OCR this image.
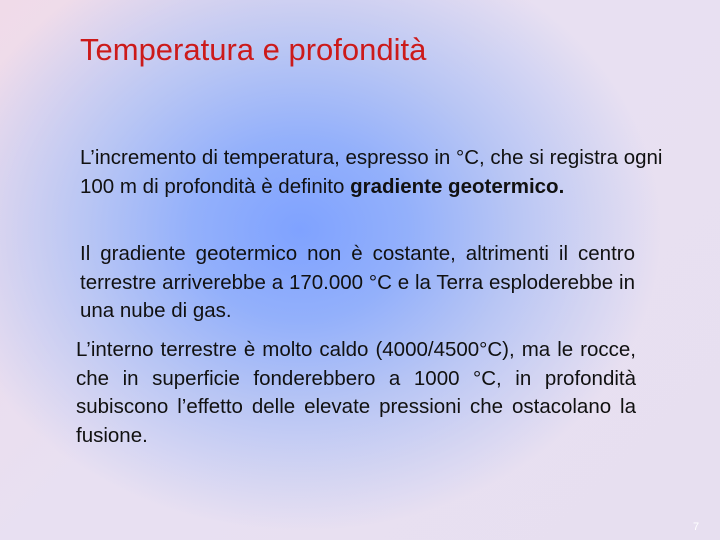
Temperatura e profondità

L’incremento di temperatura, espresso in °C, che si registra ogni 100 m di profondità è definito gradiente geotermico.

Il gradiente geotermico non è costante, altrimenti il centro terrestre arriverebbe a 170.000 °C e la Terra esploderebbe in una nube di gas.

L’interno terrestre è molto caldo (4000/4500°C), ma le rocce, che in superficie fonderebbero a 1000 °C, in profondità subiscono l’effetto delle elevate pressioni che ostacolano la fusione.

7
